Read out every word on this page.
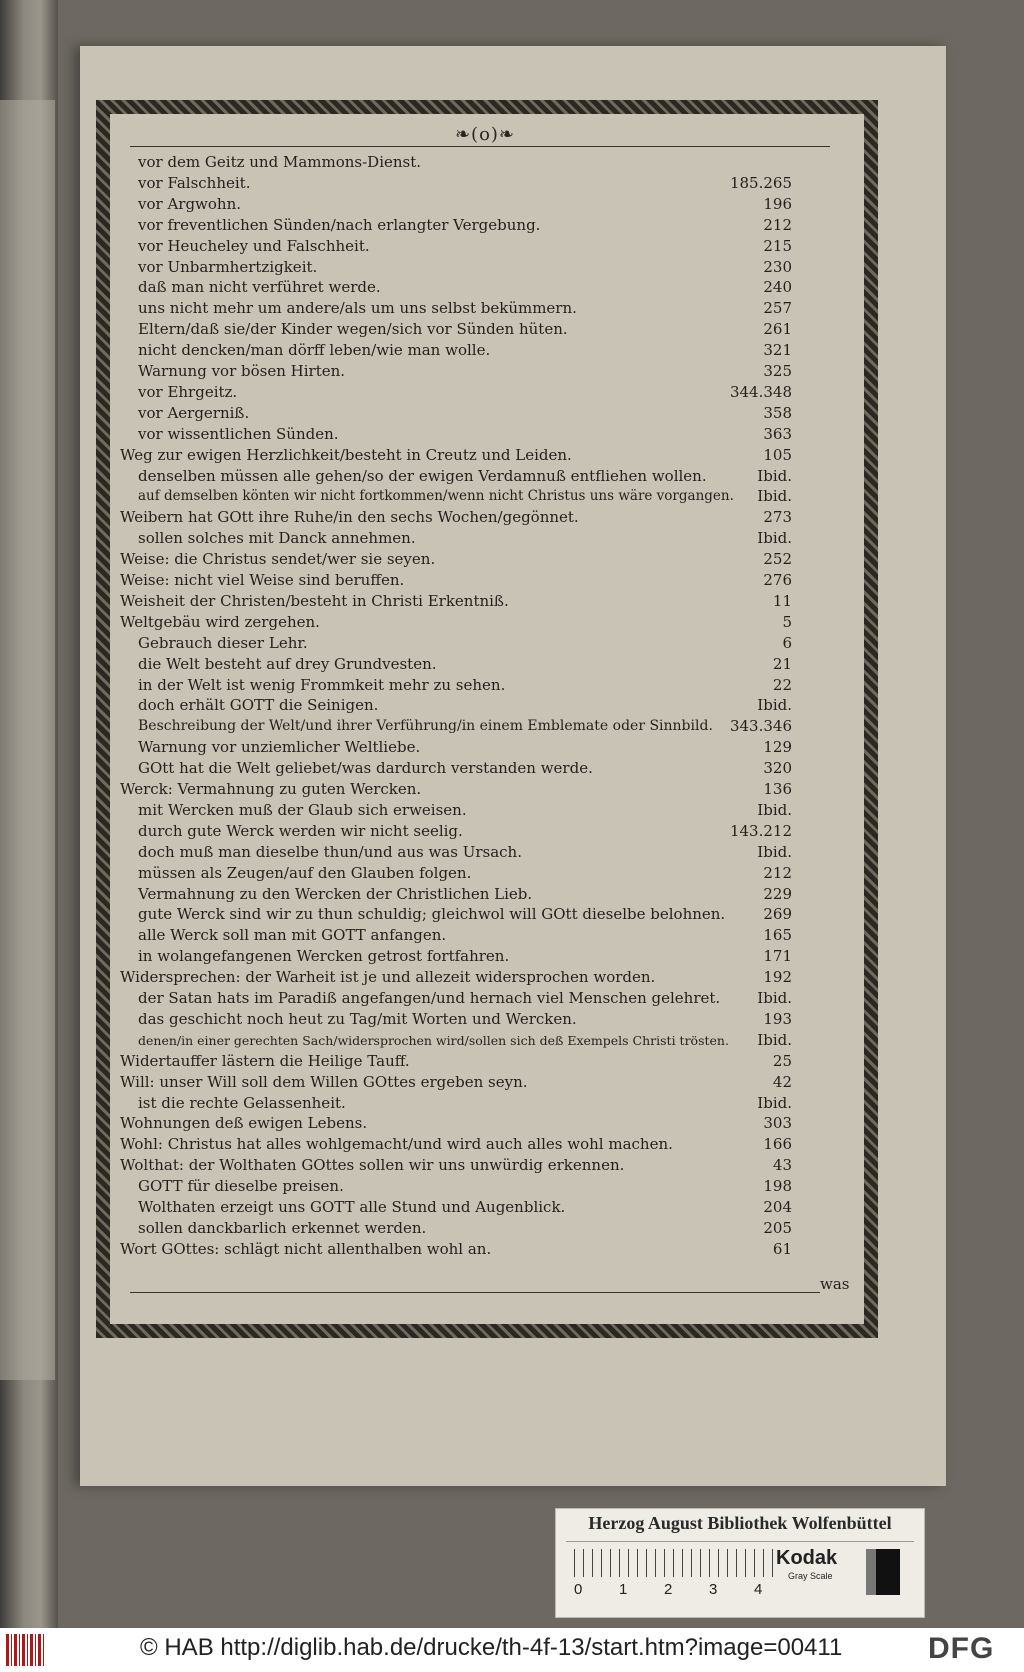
❧(o)❧
vor dem Geitz und Mammons-Dienst.
vor Falschheit.	185.265
vor Argwohn.	196
vor freventlichen Sünden/nach erlangter Vergebung.	212
vor Heucheley und Falschheit.	215
vor Unbarmhertzigkeit.	230
daß man nicht verführet werde.	240
uns nicht mehr um andere/als um uns selbst bekümmern.	257
Eltern/daß sie/der Kinder wegen/sich vor Sünden hüten.	261
nicht dencken/man dörff leben/wie man wolle.	321
Warnung vor bösen Hirten.	325
vor Ehrgeitz.	344.348
vor Aergerniß.	358
vor wissentlichen Sünden.	363
Weg zur ewigen Herzlichkeit/besteht in Creutz und Leiden.	105
denselben müssen alle gehen/so der ewigen Verdamnuß entfliehen wollen.	Ibid.
auf demselben könten wir nicht fortkommen/wenn nicht Christus uns wäre vorgangen. Ibid.
Weibern hat GOtt ihre Ruhe/in den sechs Wochen/gegönnet.	273
sollen solches mit Danck annehmen.	Ibid.
Weise: die Christus sendet/wer sie seyen.	252
Weise: nicht viel Weise sind beruffen.	276
Weisheit der Christen/besteht in Christi Erkentniß.	11
Weltgebäu wird zergehen.	5
Gebrauch dieser Lehr.	6
die Welt besteht auf drey Grundvesten.	21
in der Welt ist wenig Frommkeit mehr zu sehen.	22
doch erhält GOTT die Seinigen.	Ibid.
Beschreibung der Welt/und ihrer Verführung/in einem Emblemate oder Sinnbild. 343.346
Warnung vor unziemlicher Weltliebe.	129
GOtt hat die Welt geliebet/was dardurch verstanden werde.	320
Werck: Vermahnung zu guten Wercken.	136
mit Wercken muß der Glaub sich erweisen.	Ibid.
durch gute Werck werden wir nicht seelig.	143.212
doch muß man dieselbe thun/und aus was Ursach.	Ibid.
müssen als Zeugen/auf den Glauben folgen.	212
Vermahnung zu den Wercken der Christlichen Lieb.	229
gute Werck sind wir zu thun schuldig; gleichwol will GOtt dieselbe belohnen.	269
alle Werck soll man mit GOTT anfangen.	165
in wolangefangenen Wercken getrost fortfahren.	171
Widersprechen: der Warheit ist je und allezeit widersprochen worden.	192
der Satan hats im Paradiß angefangen/und hernach viel Menschen gelehret. Ibid.
das geschicht noch heut zu Tag/mit Worten und Wercken.	193
denen/in einer gerechten Sach/widersprochen wird/sollen sich deß Exempels Christi trösten. Ibid.
Widertauffer lästern die Heilige Tauff.	25
Will: unser Will soll dem Willen GOttes ergeben seyn.	42
ist die rechte Gelassenheit.	Ibid.
Wohnungen deß ewigen Lebens.	303
Wohl: Christus hat alles wohlgemacht/und wird auch alles wohl machen.	166
Wolthat: der Wolthaten GOttes sollen wir uns unwürdig erkennen.	43
GOTT für dieselbe preisen.	198
Wolthaten erzeigt uns GOTT alle Stund und Augenblick.	204
sollen danckbarlich erkennet werden.	205
Wort GOttes: schlägt nicht allenthalben wohl an.	61
was
Herzog August Bibliothek Wolfenbüttel
0 1 2 3 4
Kodak
Gray Scale
© HAB http://diglib.hab.de/drucke/th-4f-13/start.htm?image=00411	DFG
